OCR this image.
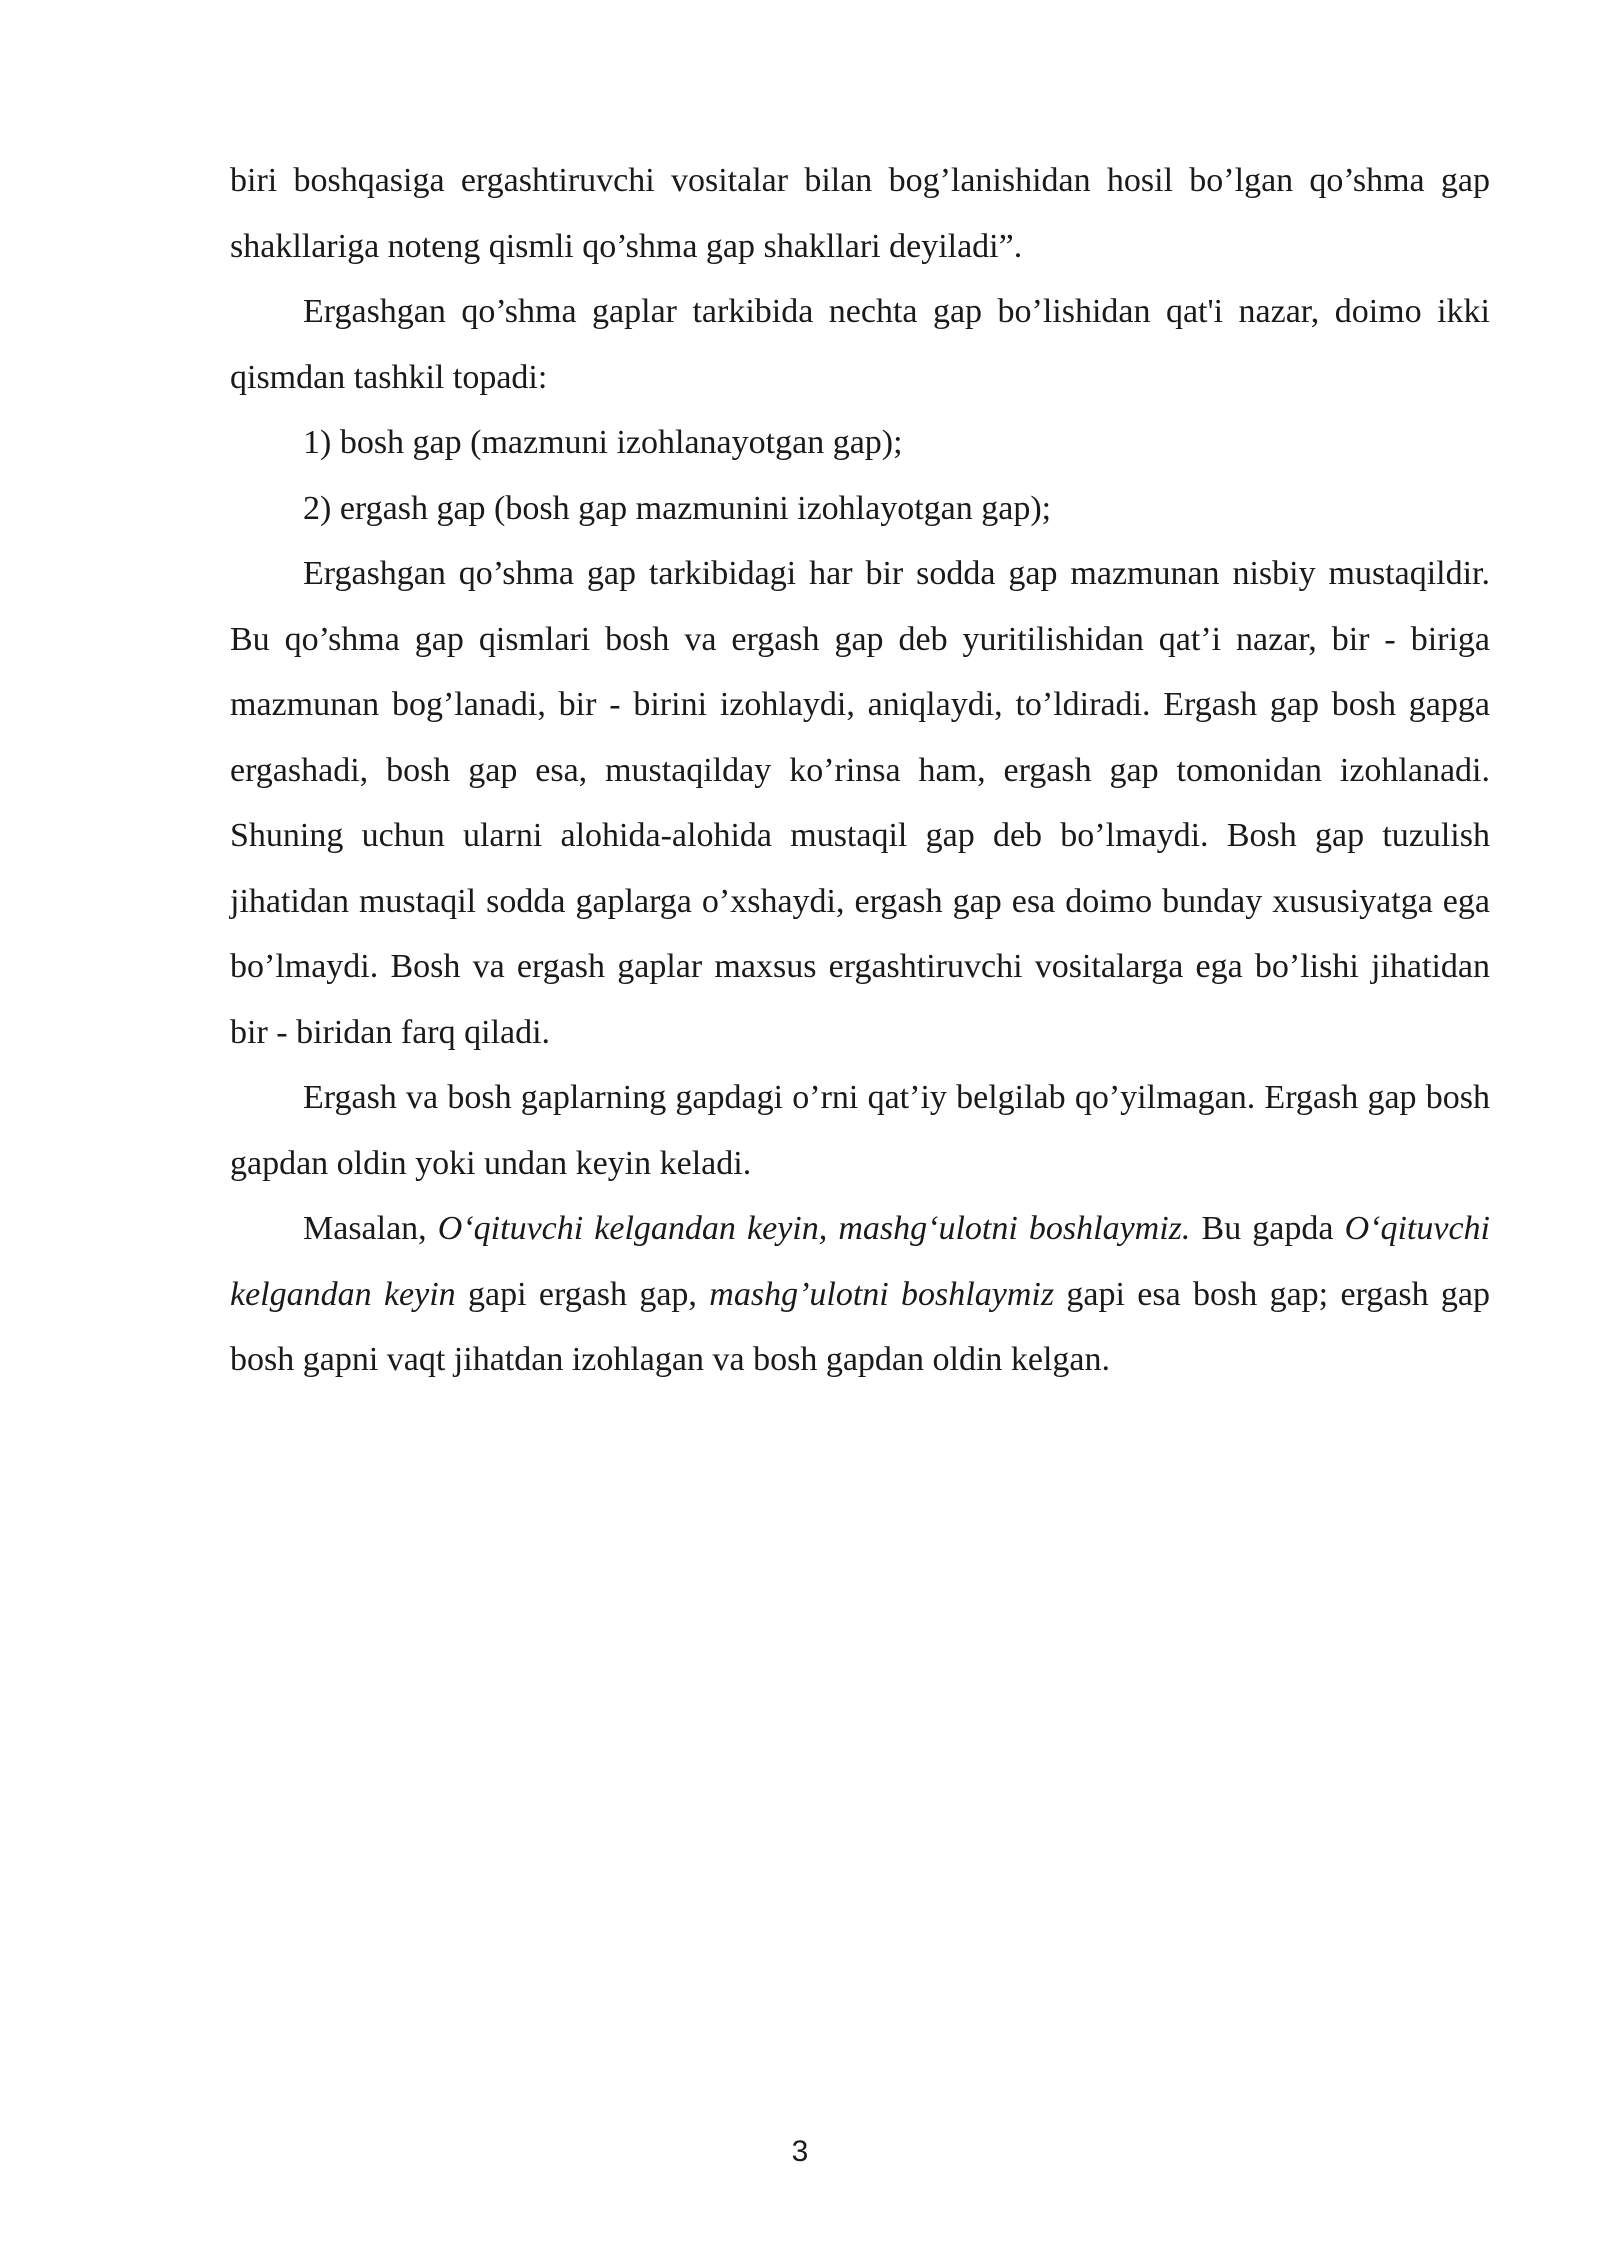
biri boshqasiga ergashtiruvchi vositalar bilan bog’lanishidan hosil bo’lgan qo’shma gap shakllariga noteng qismli qo’shma gap shakllari deyiladi”.

Ergashgan qo’shma gaplar tarkibida nechta gap bo’lishidan qat'i nazar, doimo ikki qismdan tashkil topadi:

1) bosh gap (mazmuni izohlanayotgan gap);

2) ergash gap (bosh gap mazmunini izohlayotgan gap);

Ergashgan qo’shma gap tarkibidagi har bir sodda gap mazmunan nisbiy mustaqildir. Bu qo’shma gap qismlari bosh va ergash gap deb yuritilishidan qat’i nazar, bir - biriga mazmunan bog’lanadi, bir - birini izohlaydi, aniqlaydi, to’ldiradi. Ergash gap bosh gapga ergashadi, bosh gap esa, mustaqilday ko’rinsa ham, ergash gap tomonidan izohlanadi. Shuning uchun ularni alohida-alohida mustaqil gap deb bo’lmaydi. Bosh gap tuzulish jihatidan mustaqil sodda gaplarga o’xshaydi, ergash gap esa doimo bunday xususiyatga ega bo’lmaydi. Bosh va ergash gaplar maxsus ergashtiruvchi vositalarga ega bo’lishi jihatidan bir - biridan farq qiladi.

Ergash va bosh gaplarning gapdagi o’rni qat’iy belgilab qo’yilmagan. Ergash gap bosh gapdan oldin yoki undan keyin keladi.

Masalan, O‘qituvchi kelgandan keyin, mashg‘ulotni boshlaymiz. Bu gapda O‘qituvchi kelgandan keyin gapi ergash gap, mashg’ulotni boshlaymiz gapi esa bosh gap; ergash gap bosh gapni vaqt jihatdan izohlagan va bosh gapdan oldin kelgan.

3
